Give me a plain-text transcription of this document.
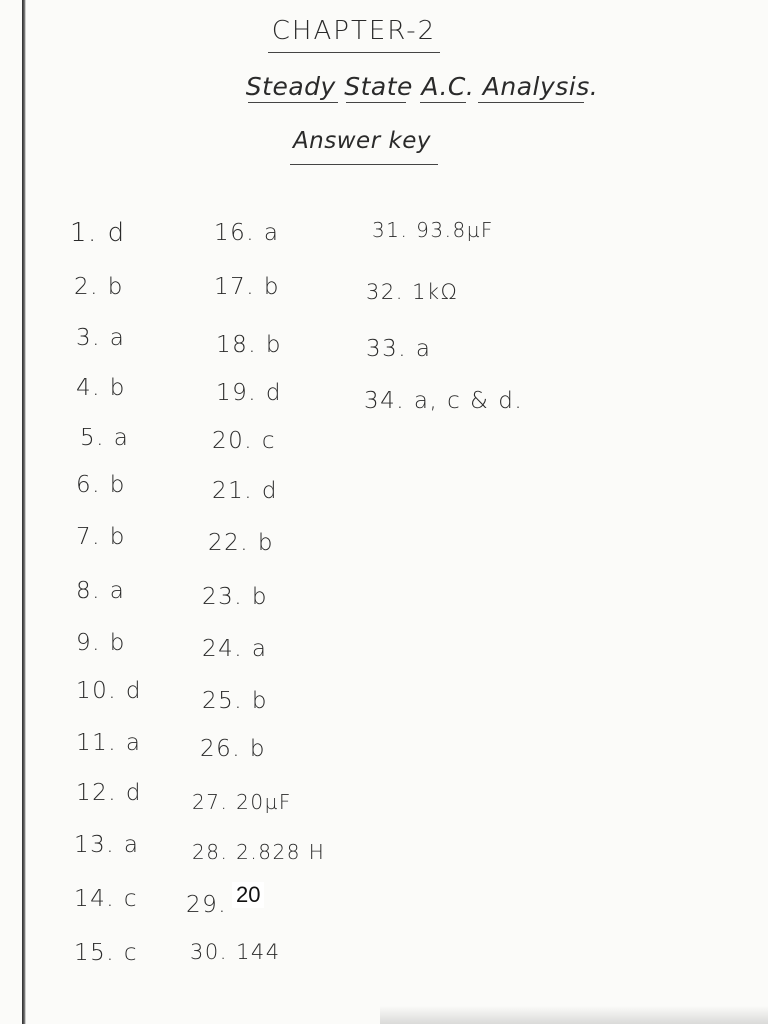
CHAPTER-2
Steady State A.C. Analysis.
Answer key
1. d
2. b
3. a
4. b
5. a
6. b
7. b
8. a
9. b
10. d
11. a
12. d
13. a
14. c
15. c
16. a
17. b
18. b
19. d
20. c
21. d
22. b
23. b
24. a
25. b
26. b
27. 20µF
28. 2.828 H
29. 20
30. 144
31. 93.8µF
32. 1kΩ
33. a
34. a, c & d.
